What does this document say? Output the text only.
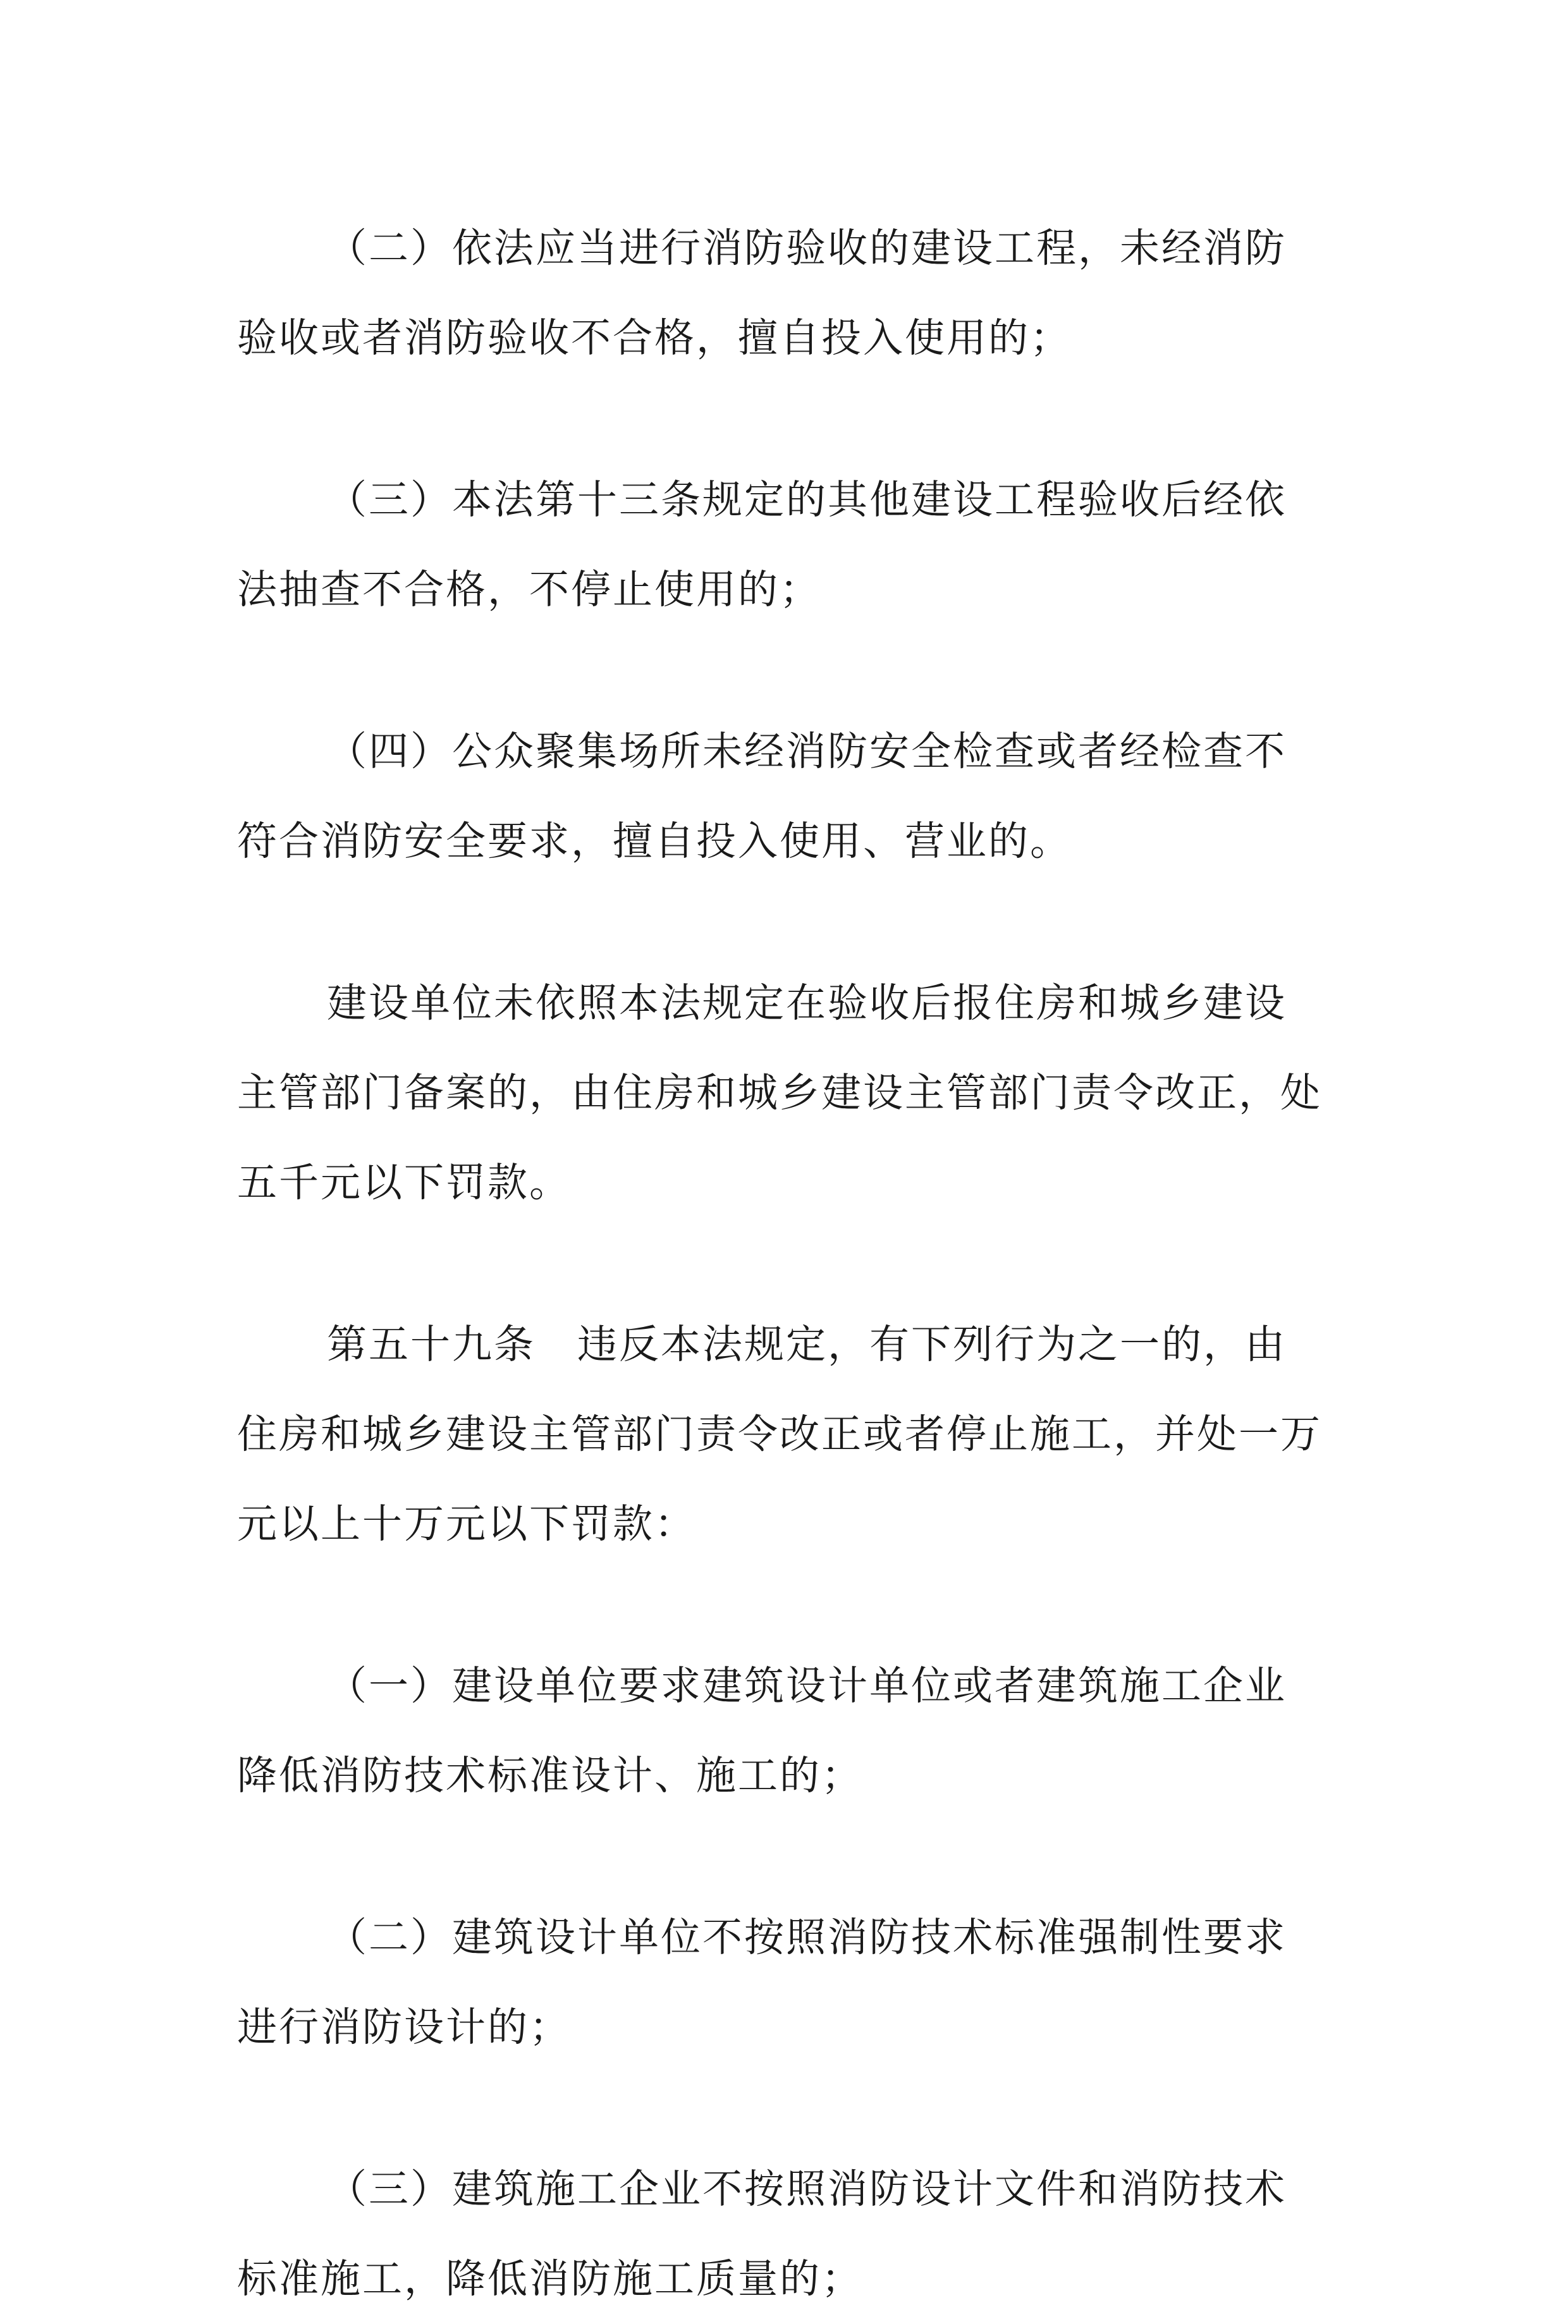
（二）依法应当进行消防验收的建设工程，未经消防验收或者消防验收不合格，擅自投入使用的；

（三）本法第十三条规定的其他建设工程验收后经依法抽查不合格，不停止使用的；

（四）公众聚集场所未经消防安全检查或者经检查不符合消防安全要求，擅自投入使用、营业的。

建设单位未依照本法规定在验收后报住房和城乡建设主管部门备案的，由住房和城乡建设主管部门责令改正，处五千元以下罚款。

第五十九条　违反本法规定，有下列行为之一的，由住房和城乡建设主管部门责令改正或者停止施工，并处一万元以上十万元以下罚款：

（一）建设单位要求建筑设计单位或者建筑施工企业降低消防技术标准设计、施工的；

（二）建筑设计单位不按照消防技术标准强制性要求进行消防设计的；

（三）建筑施工企业不按照消防设计文件和消防技术标准施工，降低消防施工质量的；
